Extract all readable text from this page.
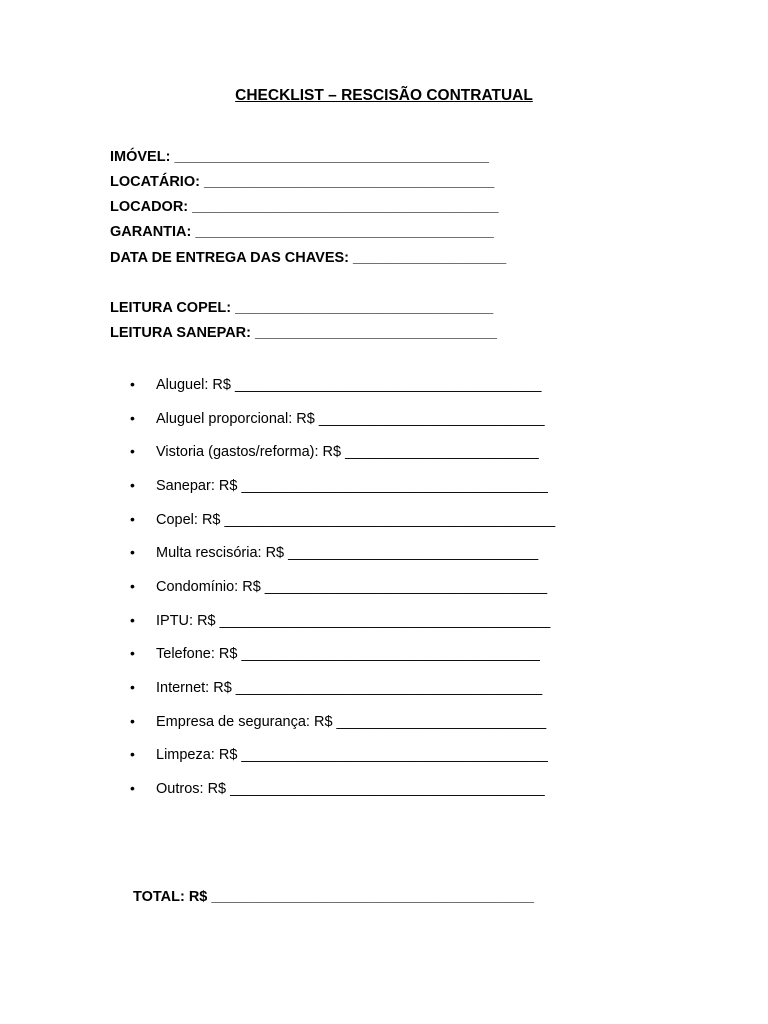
CHECKLIST – RESCISÃO CONTRATUAL
IMÓVEL: _______________________________________
LOCATÁRIO: ____________________________________
LOCADOR: ______________________________________
GARANTIA: _____________________________________
DATA DE ENTREGA DAS CHAVES: ___________________
LEITURA COPEL: ________________________________
LEITURA SANEPAR: ______________________________
• Aluguel: R$ ______________________________________
• Aluguel proporcional: R$ ____________________________
• Vistoria (gastos/reforma): R$ ________________________
• Sanepar: R$ ______________________________________
• Copel: R$ _________________________________________
• Multa rescisória: R$ _______________________________
• Condomínio: R$ ___________________________________
• IPTU: R$ _________________________________________
• Telefone: R$ _____________________________________
• Internet: R$ ______________________________________
• Empresa de segurança: R$ __________________________
• Limpeza: R$ ______________________________________
• Outros: R$ _______________________________________
TOTAL: R$ ________________________________________
